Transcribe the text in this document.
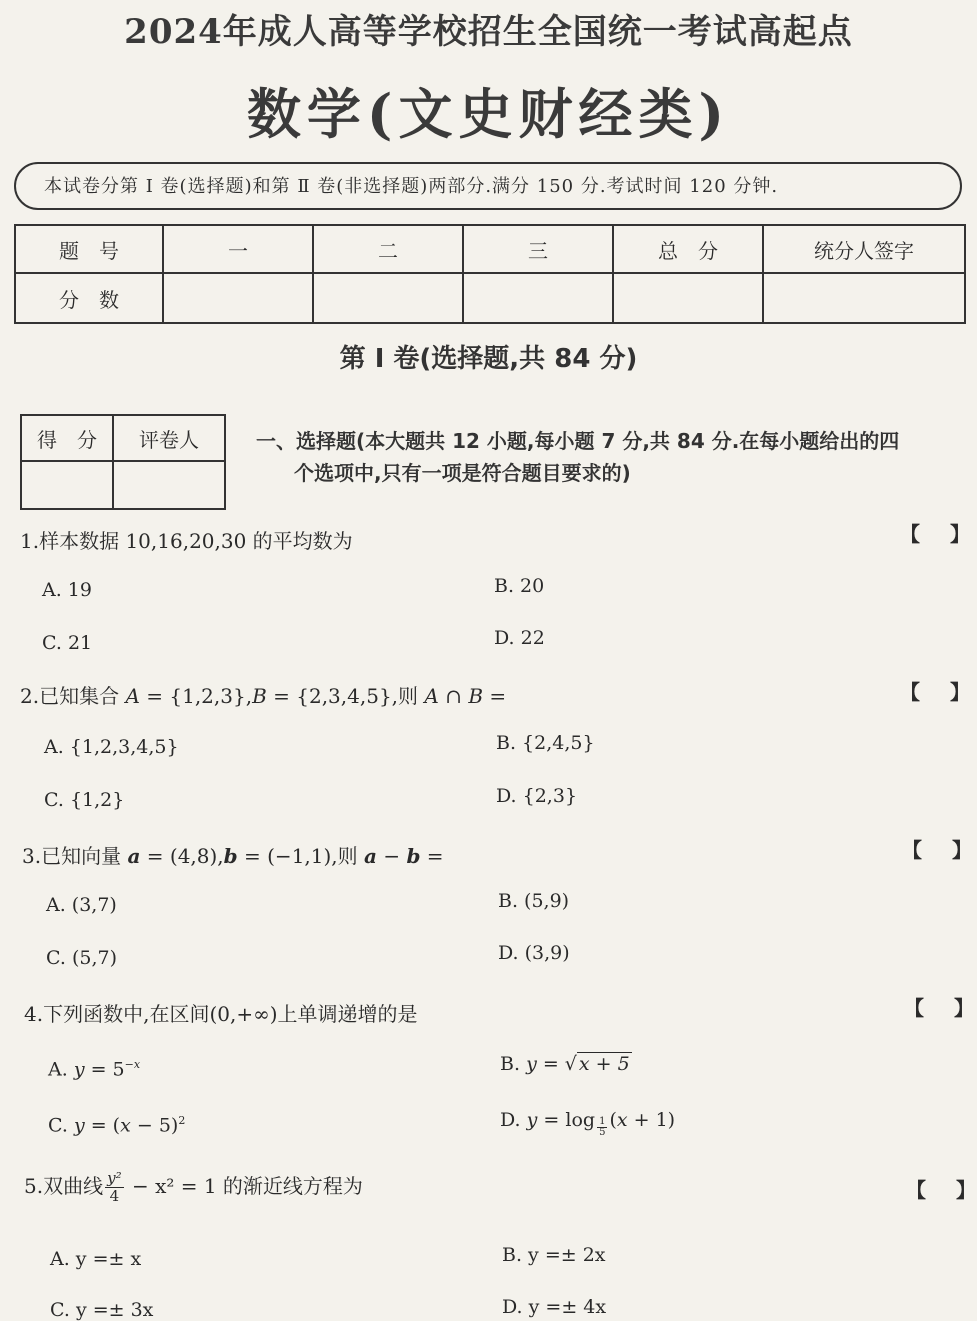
2024年成人高等学校招生全国统一考试高起点
数学(文史财经类)
本试卷分第 Ⅰ 卷(选择题)和第 Ⅱ 卷(非选择题)两部分.满分 150 分.考试时间 120 分钟.
题　号	一	二	三	总　分	统分人签字
分　数					
第 Ⅰ 卷(选择题,共 84 分)
得　分	评卷人
		一、选择题(本大题共 12 小题,每小题 7 分,共 84 分.在每小题给出的四
个选项中,只有一项是符合题目要求的)
1.样本数据 10,16,20,30 的平均数为	【 】
A. 19	B. 20
C. 21	D. 22
2.已知集合 A = {1,2,3},B = {2,3,4,5},则 A ∩ B =	【 】
A. {1,2,3,4,5}	B. {2,4,5}
C. {1,2}	D. {2,3}
3.已知向量 a = (4,8),b = (−1,1),则 a − b =	【 】
A. (3,7)	B. (5,9)
C. (5,7)	D. (3,9)
4.下列函数中,在区间(0,+∞)上单调递增的是	【 】
A. $y = 5^{-x}$	B. y = √ x + 5
C. $y = (x - 5)^2$	D. y = log $_{\frac{1}{5}}$ (x + 1)
5.双曲线 $\frac{\text{y²}}{4} - x^2 = 1$ 的渐近线方程为	【 】
A. y =± x	B. y =± 2x
C. y =± 3x	D. y =± 4x
